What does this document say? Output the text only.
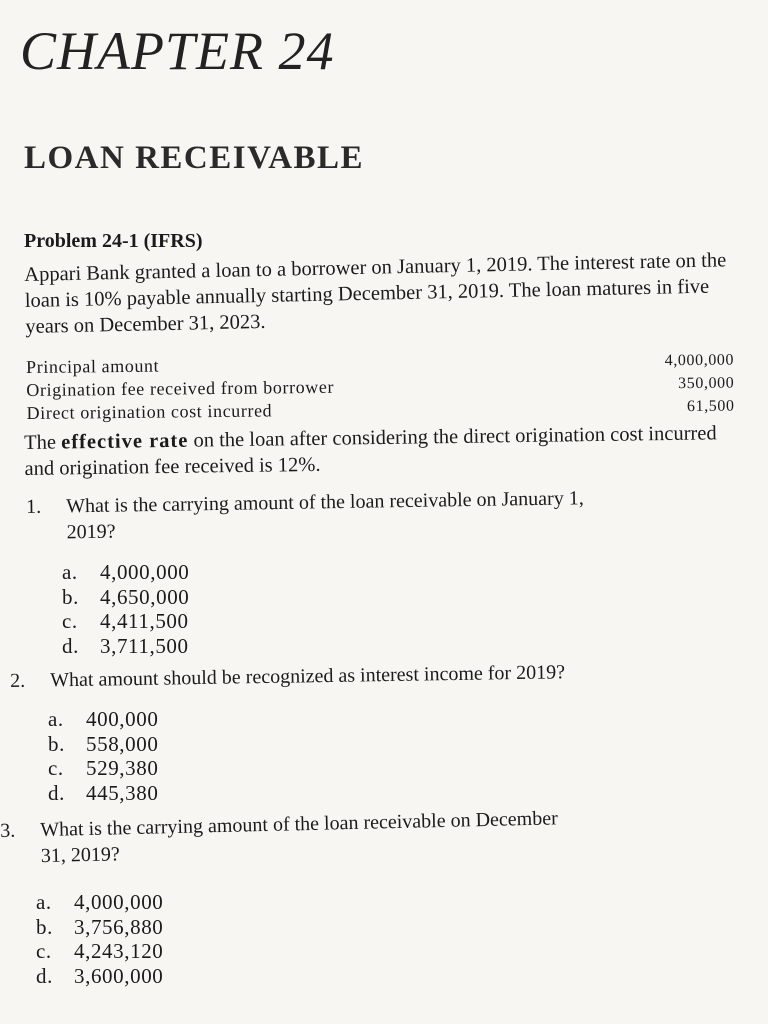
CHAPTER 24
LOAN RECEIVABLE
Problem 24-1 (IFRS)

Appari Bank granted a loan to a borrower on January 1, 2019. The interest rate on the loan is 10% payable annually starting December 31, 2019. The loan matures in five years on December 31, 2023.

Principal amount	4,000,000
Origination fee received from borrower	350,000
Direct origination cost incurred	61,500

The effective rate on the loan after considering the direct origination cost incurred and origination fee received is 12%.

1.	What is the carrying amount of the loan receivable on January 1,
2019?
a.	4,000,000
b.	4,650,000
c.	4,411,500
d.	3,711,500
2.	What amount should be recognized as interest income for 2019?
a.	400,000
b.	558,000
c.	529,380
d.	445,380
3.	What is the carrying amount of the loan receivable on December
31, 2019?
a.	4,000,000
b.	3,756,880
c.	4,243,120
d.	3,600,000
